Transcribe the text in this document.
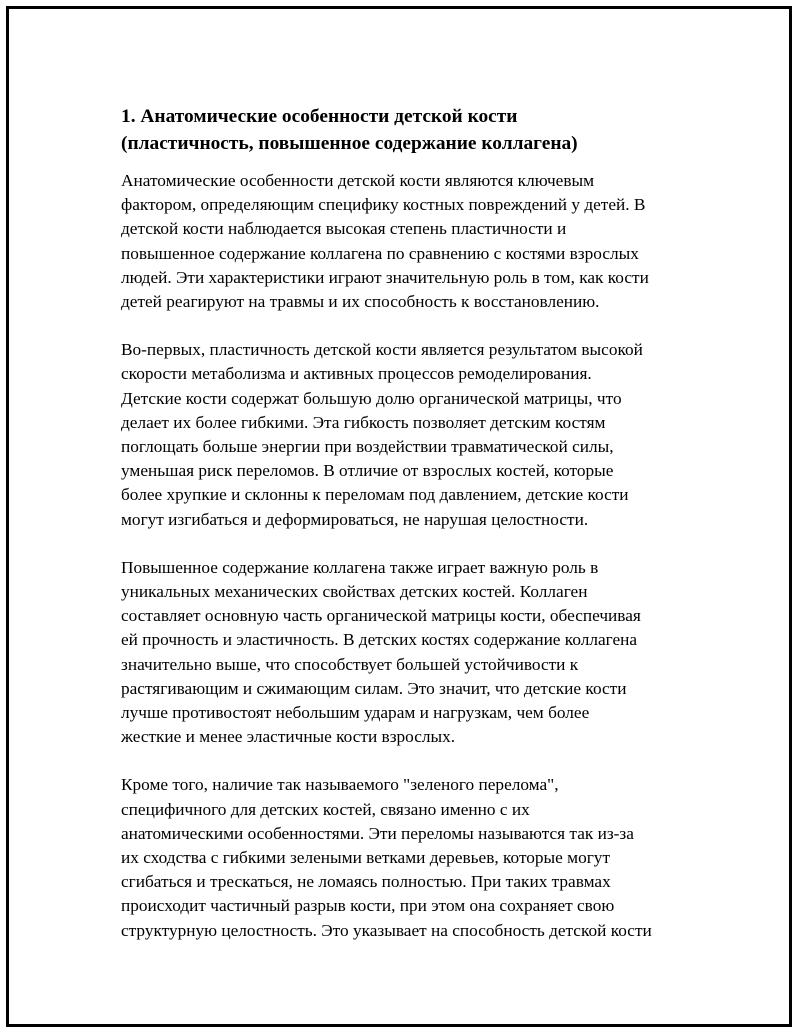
1. Анатомические особенности детской кости
(пластичность, повышенное содержание коллагена)

Анатомические особенности детской кости являются ключевым
фактором, определяющим специфику костных повреждений у детей. В
детской кости наблюдается высокая степень пластичности и
повышенное содержание коллагена по сравнению с костями взрослых
людей. Эти характеристики играют значительную роль в том, как кости
детей реагируют на травмы и их способность к восстановлению.

Во-первых, пластичность детской кости является результатом высокой
скорости метаболизма и активных процессов ремоделирования.
Детские кости содержат большую долю органической матрицы, что
делает их более гибкими. Эта гибкость позволяет детским костям
поглощать больше энергии при воздействии травматической силы,
уменьшая риск переломов. В отличие от взрослых костей, которые
более хрупкие и склонны к переломам под давлением, детские кости
могут изгибаться и деформироваться, не нарушая целостности.

Повышенное содержание коллагена также играет важную роль в
уникальных механических свойствах детских костей. Коллаген
составляет основную часть органической матрицы кости, обеспечивая
ей прочность и эластичность. В детских костях содержание коллагена
значительно выше, что способствует большей устойчивости к
растягивающим и сжимающим силам. Это значит, что детские кости
лучше противостоят небольшим ударам и нагрузкам, чем более
жесткие и менее эластичные кости взрослых.

Кроме того, наличие так называемого "зеленого перелома",
специфичного для детских костей, связано именно с их
анатомическими особенностями. Эти переломы называются так из-за
их сходства с гибкими зелеными ветками деревьев, которые могут
сгибаться и трескаться, не ломаясь полностью. При таких травмах
происходит частичный разрыв кости, при этом она сохраняет свою
структурную целостность. Это указывает на способность детской кости
